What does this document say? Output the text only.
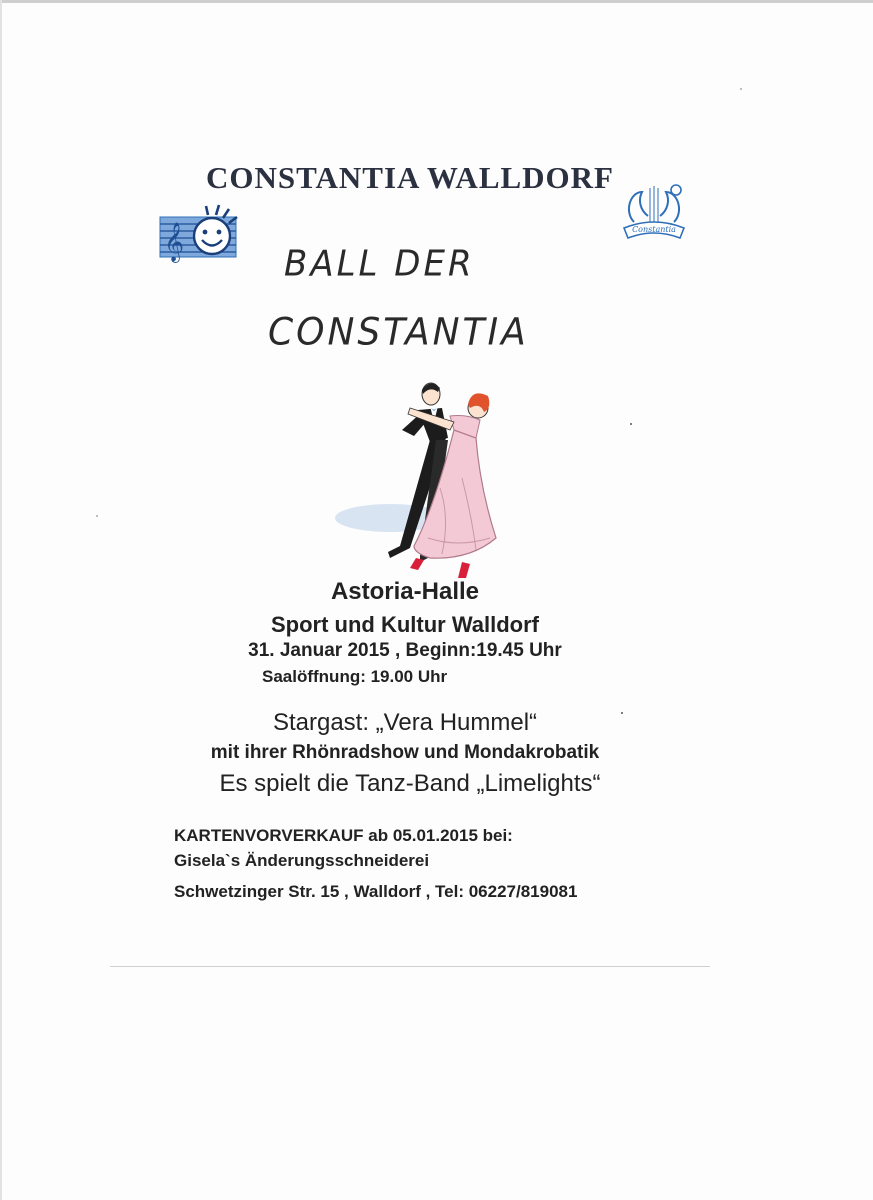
𝄞	Constantia
CONSTANTIA WALLDORF
BALL DER
CONSTANTIA
Astoria-Halle
Sport und Kultur Walldorf
31. Januar 2015 , Beginn:19.45 Uhr
Saalöffnung: 19.00 Uhr
Stargast: „Vera Hummel“
mit ihrer Rhönradshow und Mondakrobatik
Es spielt die Tanz-Band „Limelights“
KARTENVORVERKAUF ab 05.01.2015 bei:
Gisela`s Änderungsschneiderei
Schwetzinger Str. 15 , Walldorf , Tel: 06227/819081
